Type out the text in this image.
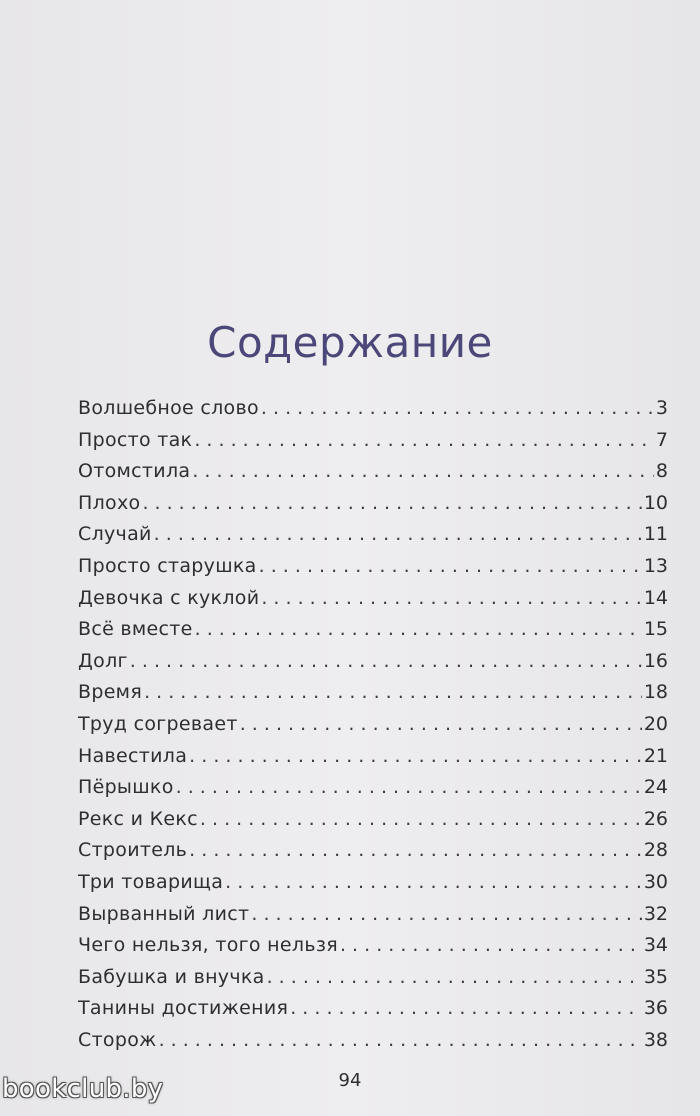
Содержание
Волшебное слово . . .	3
Просто так . . .	7
Отомстила . . .	8
Плохо . . .	10
Случай . . .	11
Просто старушка . . .	13
Девочка с куклой . . .	14
Всё вместе . . .	15
Долг . . .	16
Время . . .	18
Труд согревает . . .	20
Навестила . . .	21
Пёрышко . . .	24
Рекс и Кекс . . .	26
Строитель . . .	28
Три товарища . . .	30
Вырванный лист . . .	32
Чего нельзя, того нельзя . . .	34
Бабушка и внучка . . .	35
Танины достижения . . .	36
Сторож . . .	38
94
bookclub.by
